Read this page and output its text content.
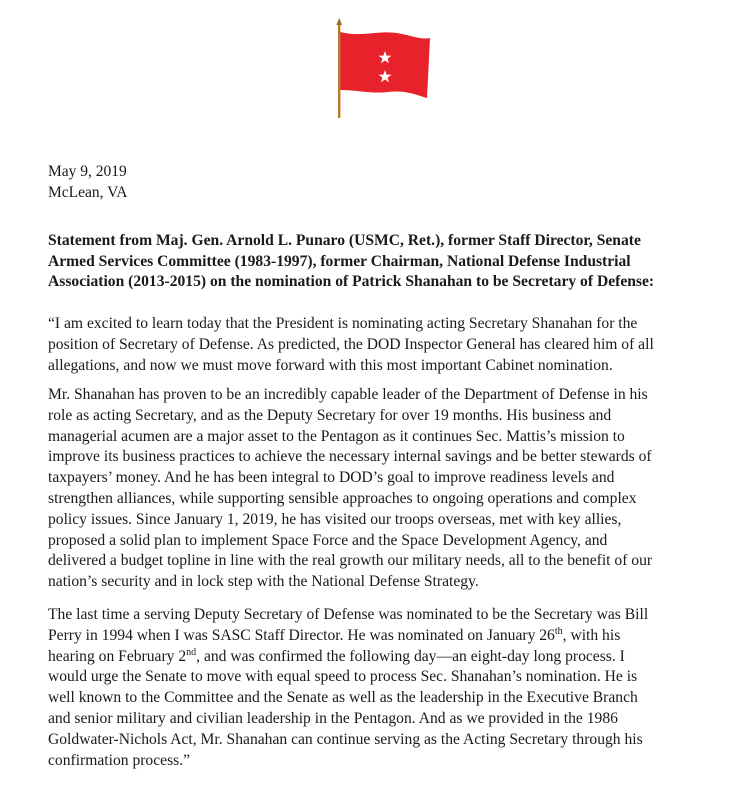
May 9, 2019
McLean, VA
Statement from Maj. Gen. Arnold L. Punaro (USMC, Ret.), former Staff Director, Senate
Armed Services Committee (1983-1997), former Chairman, National Defense Industrial
Association (2013-2015) on the nomination of Patrick Shanahan to be Secretary of Defense:
“I am excited to learn today that the President is nominating acting Secretary Shanahan for the
position of Secretary of Defense. As predicted, the DOD Inspector General has cleared him of all
allegations, and now we must move forward with this most important Cabinet nomination.
Mr. Shanahan has proven to be an incredibly capable leader of the Department of Defense in his
role as acting Secretary, and as the Deputy Secretary for over 19 months. His business and
managerial acumen are a major asset to the Pentagon as it continues Sec. Mattis’s mission to
improve its business practices to achieve the necessary internal savings and be better stewards of
taxpayers’ money. And he has been integral to DOD’s goal to improve readiness levels and
strengthen alliances, while supporting sensible approaches to ongoing operations and complex
policy issues. Since January 1, 2019, he has visited our troops overseas, met with key allies,
proposed a solid plan to implement Space Force and the Space Development Agency, and
delivered a budget topline in line with the real growth our military needs, all to the benefit of our
nation’s security and in lock step with the National Defense Strategy.
The last time a serving Deputy Secretary of Defense was nominated to be the Secretary was Bill
Perry in 1994 when I was SASC Staff Director. He was nominated on January 26th, with his
hearing on February 2nd, and was confirmed the following day—an eight-day long process. I
would urge the Senate to move with equal speed to process Sec. Shanahan’s nomination. He is
well known to the Committee and the Senate as well as the leadership in the Executive Branch
and senior military and civilian leadership in the Pentagon. And as we provided in the 1986
Goldwater-Nichols Act, Mr. Shanahan can continue serving as the Acting Secretary through his
confirmation process.”
